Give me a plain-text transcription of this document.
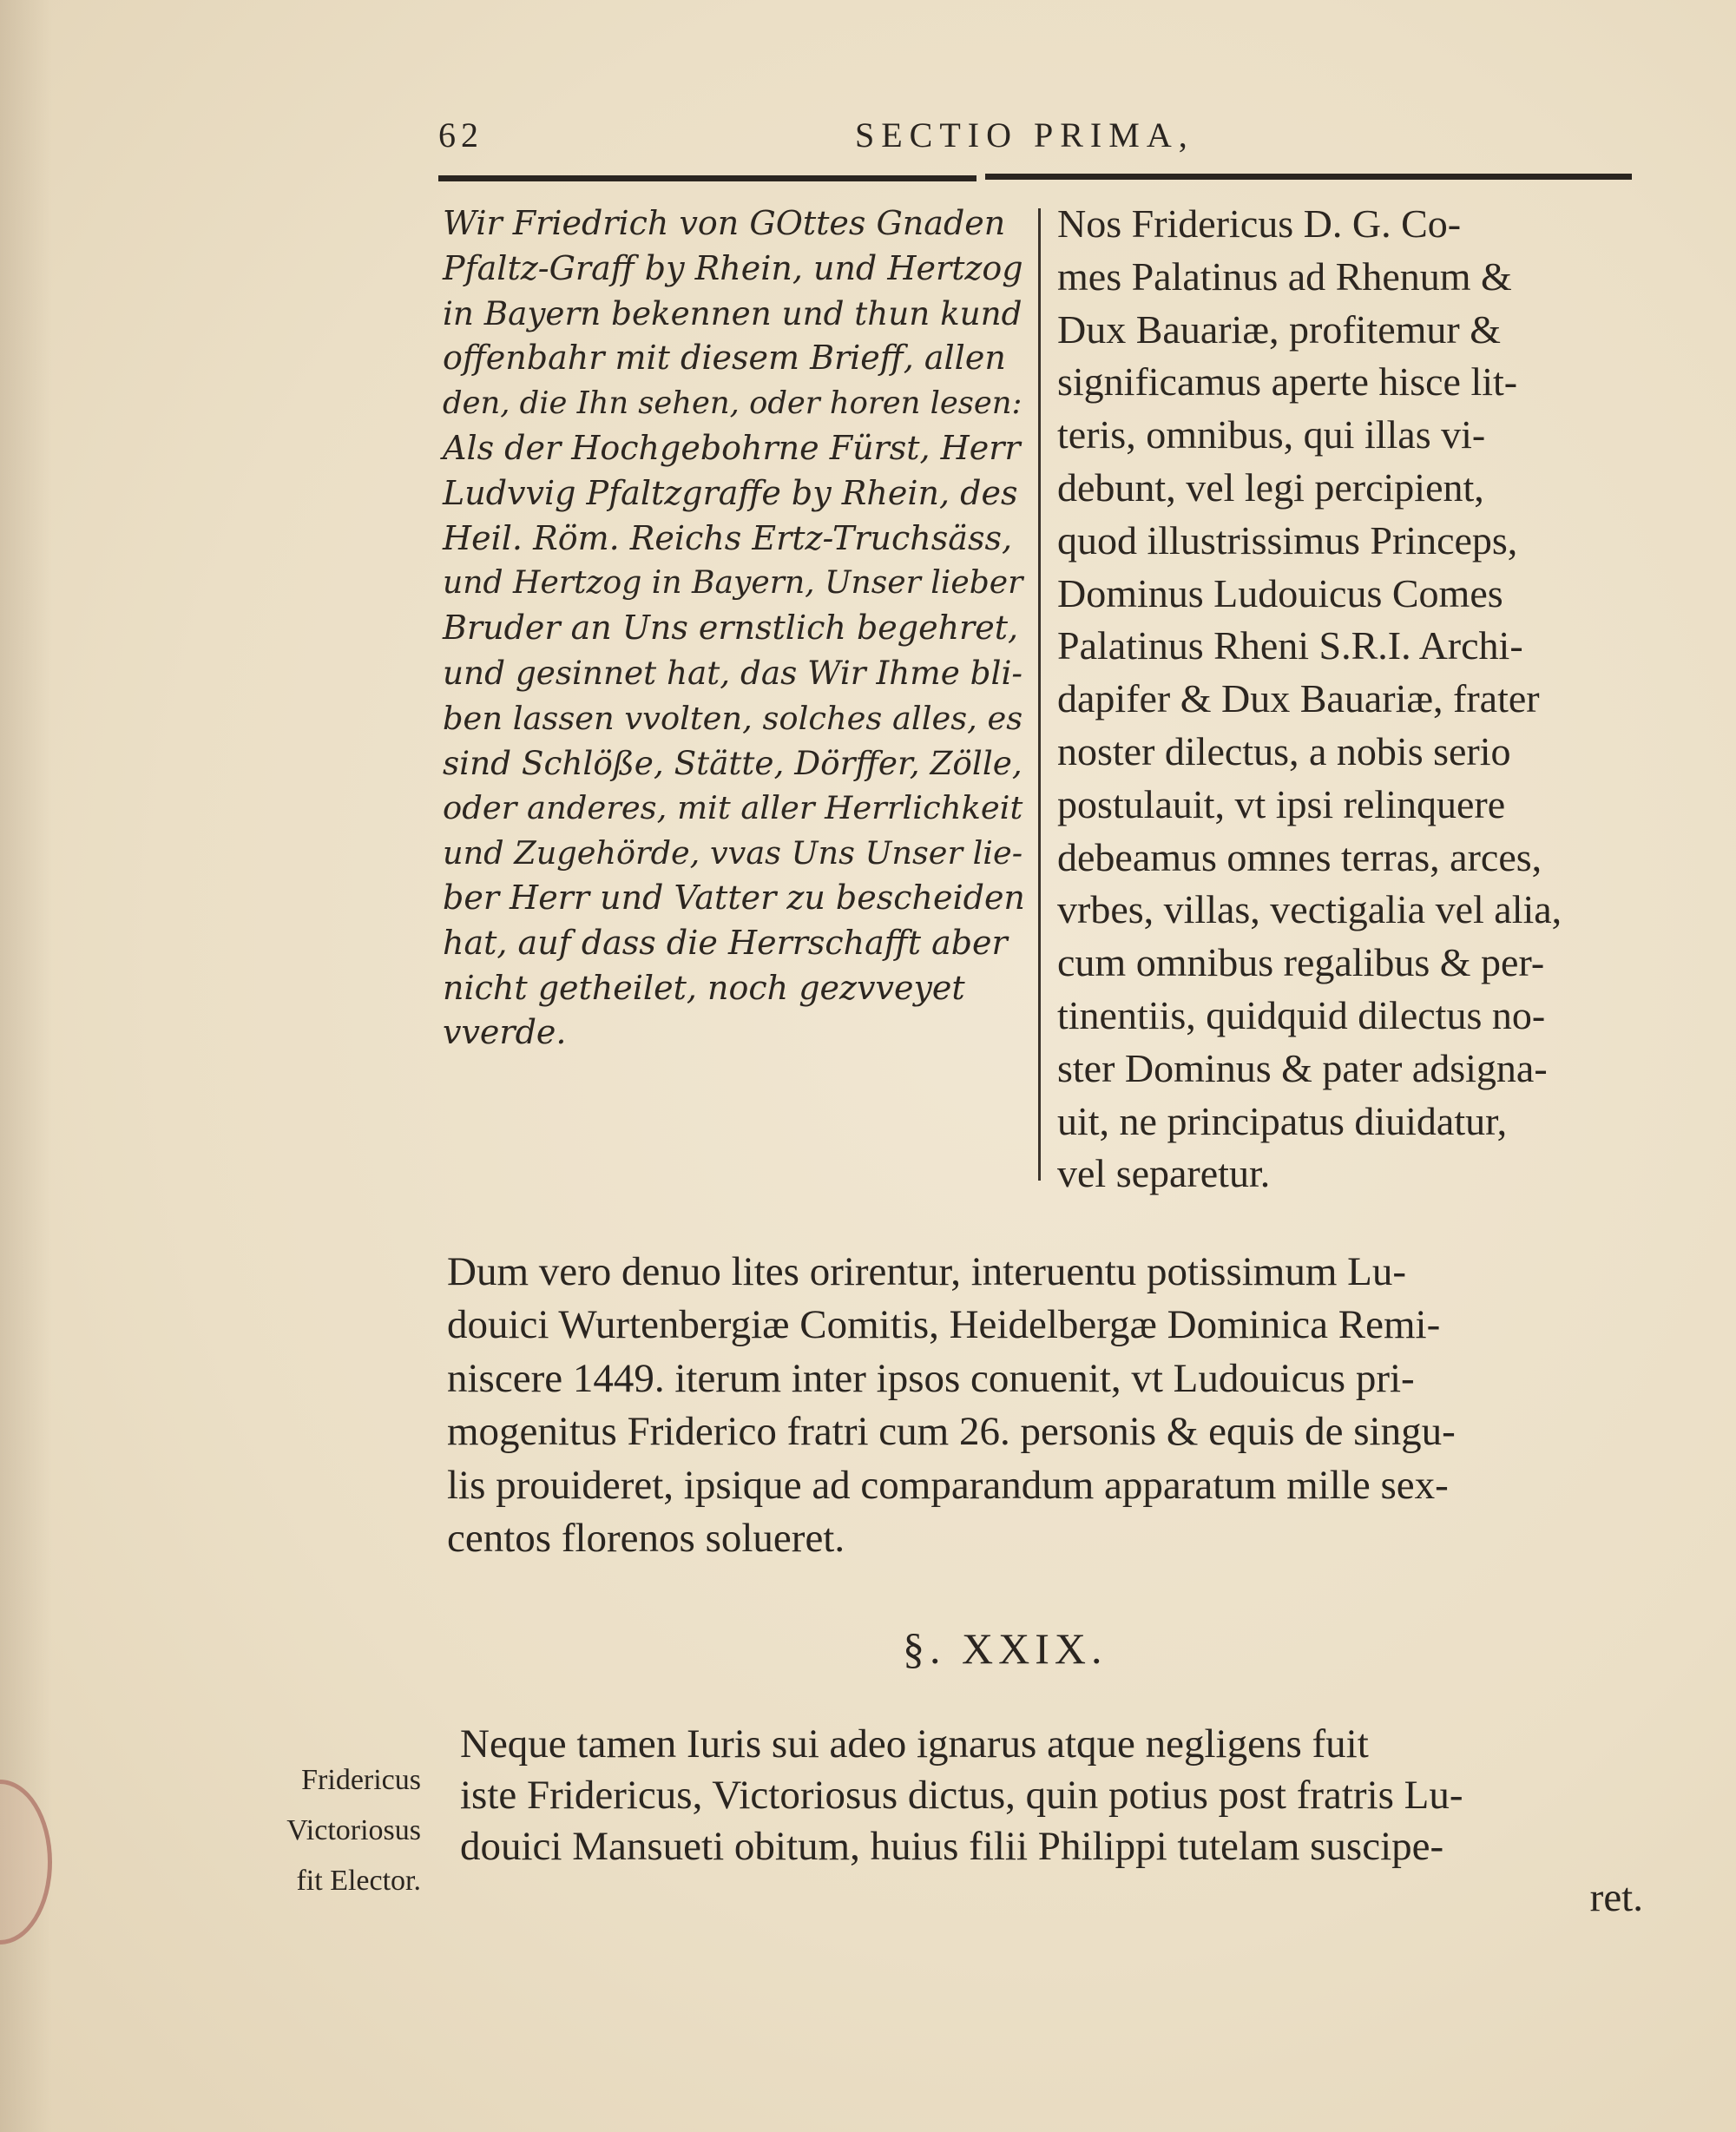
62	SECTIO PRIMA,
Wir Friedrich von GOttes Gnaden
Pfaltz-Graff by Rhein, und Hertzog
in Bayern bekennen und thun kund
offenbahr mit diesem Brieff, allen
den, die Ihn sehen, oder horen lesen:
Als der Hochgebohrne Fürst, Herr
Ludvvig Pfaltzgraffe by Rhein, des
Heil. Röm. Reichs Ertz-Truchsäss,
und Hertzog in Bayern, Unser lieber
Bruder an Uns ernstlich begehret,
und gesinnet hat, das Wir Ihme bli-
ben lassen vvolten, solches alles, es
sind Schlöße, Stätte, Dörffer, Zölle,
oder anderes, mit aller Herrlichkeit
und Zugehörde, vvas Uns Unser lie-
ber Herr und Vatter zu bescheiden
hat, auf dass die Herrschafft aber
nicht getheilet, noch gezvveyet
vverde.
Nos Fridericus D. G. Co-
mes Palatinus ad Rhenum &
Dux Bauariæ, profitemur &
significamus aperte hisce lit-
teris, omnibus, qui illas vi-
debunt, vel legi percipient,
quod illustrissimus Princeps,
Dominus Ludouicus Comes
Palatinus Rheni S.R.I. Archi-
dapifer & Dux Bauariæ, frater
noster dilectus, a nobis serio
postulauit, vt ipsi relinquere
debeamus omnes terras, arces,
vrbes, villas, vectigalia vel alia,
cum omnibus regalibus & per-
tinentiis, quidquid dilectus no-
ster Dominus & pater adsigna-
uit, ne principatus diuidatur,
vel separetur.
Dum vero denuo lites orirentur, interuentu potissimum Lu-
douici Wurtenbergiæ Comitis, Heidelbergæ Dominica Remi-
niscere 1449. iterum inter ipsos conuenit, vt Ludouicus pri-
mogenitus Friderico fratri cum 26. personis & equis de singu-
lis prouideret, ipsique ad comparandum apparatum mille sex-
centos florenos solueret.
§. XXIX.
Fridericus
Victoriosus
fit Elector.
Neque tamen Iuris sui adeo ignarus atque negligens fuit
iste Fridericus, Victoriosus dictus, quin potius post fratris Lu-
douici Mansueti obitum, huius filii Philippi tutelam suscipe-
ret.
